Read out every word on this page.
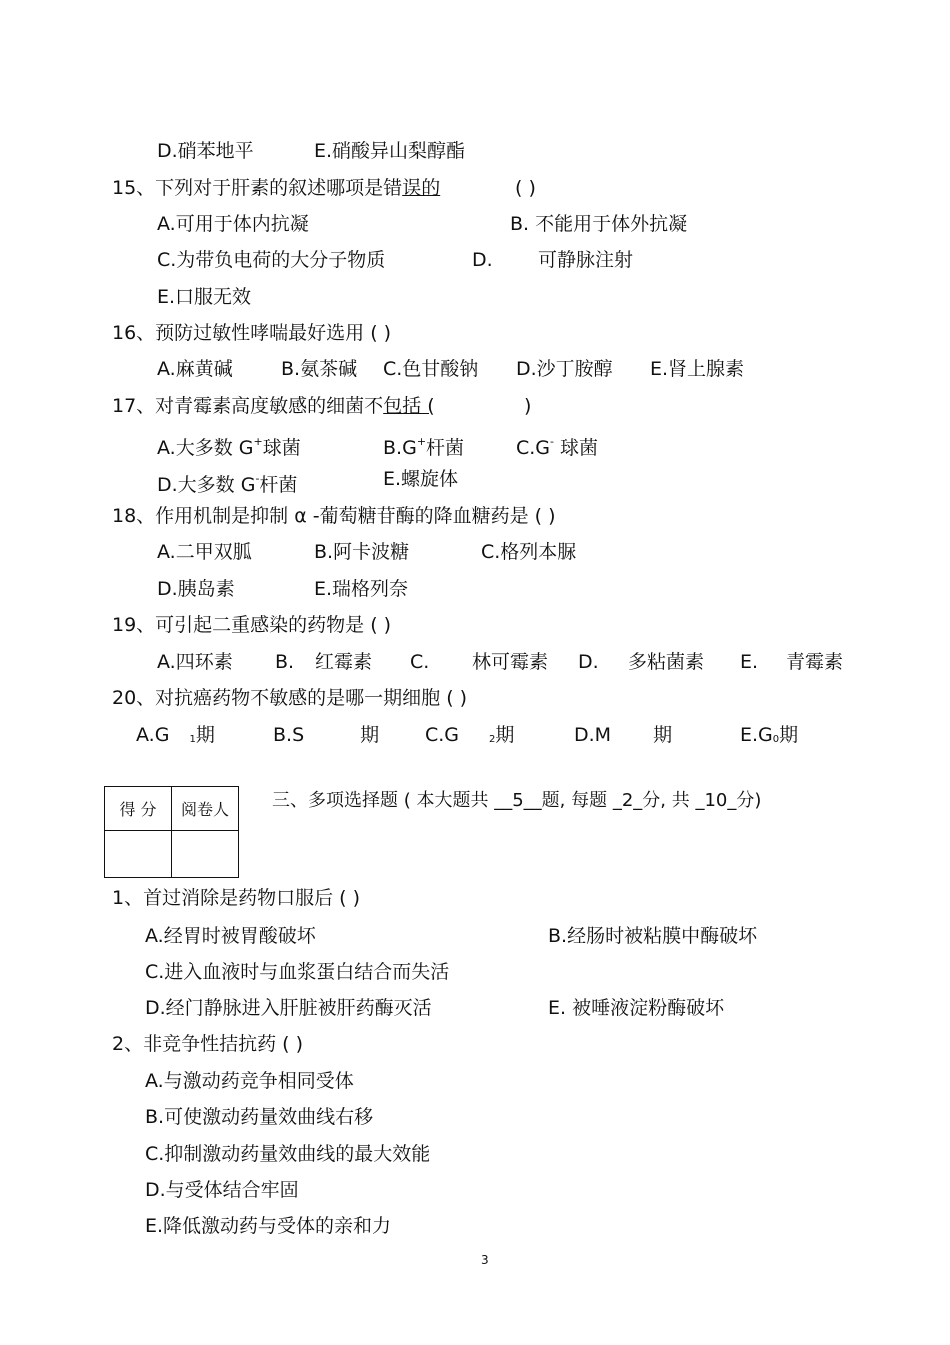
D.硝苯地平	E.硝酸异山梨醇酯
15、下列对于肝素的叙述哪项是错误的	( )
A.可用于体内抗凝	B. 不能用于体外抗凝
C.为带负电荷的大分子物质	D. 可静脉注射
E.口服无效
16、预防过敏性哮喘最好选用 ( )
A.麻黄碱	B.氨茶碱 C.色甘酸钠 D.沙丁胺醇 E.肾上腺素
17、对青霉素高度敏感的细菌不包括 (	)
A.大多数 G+球菌	B.G+杆菌	C.G- 球菌
D.大多数 G-杆菌	E.螺旋体
18、作用机制是抑制 α -葡萄糖苷酶的降血糖药是 ( )
A.二甲双胍	B.阿卡波糖	C.格列本脲
D.胰岛素	E.瑞格列奈
19、可引起二重感染的药物是 ( )
A.四环素 B. 红霉素 C. 林可霉素 D. 多粘菌素 E. 青霉素
20、对抗癌药物不敏感的是哪一期细胞 ( )
A.G 1期	B.S	期 C.G	2期	D.M 期	E.G0期
得 分	阅卷人
	三、多项选择题 ( 本大题共 __5__题, 每题 _2_分, 共 _10_分)
1、首过消除是药物口服后 ( )
A.经胃时被胃酸破坏	B.经肠时被粘膜中酶破坏
C.进入血液时与血浆蛋白结合而失活
D.经门静脉进入肝脏被肝药酶灭活	E. 被唾液淀粉酶破坏
2、非竞争性拮抗药 ( )
A.与激动药竞争相同受体
B.可使激动药量效曲线右移
C.抑制激动药量效曲线的最大效能
D.与受体结合牢固
E.降低激动药与受体的亲和力
3
